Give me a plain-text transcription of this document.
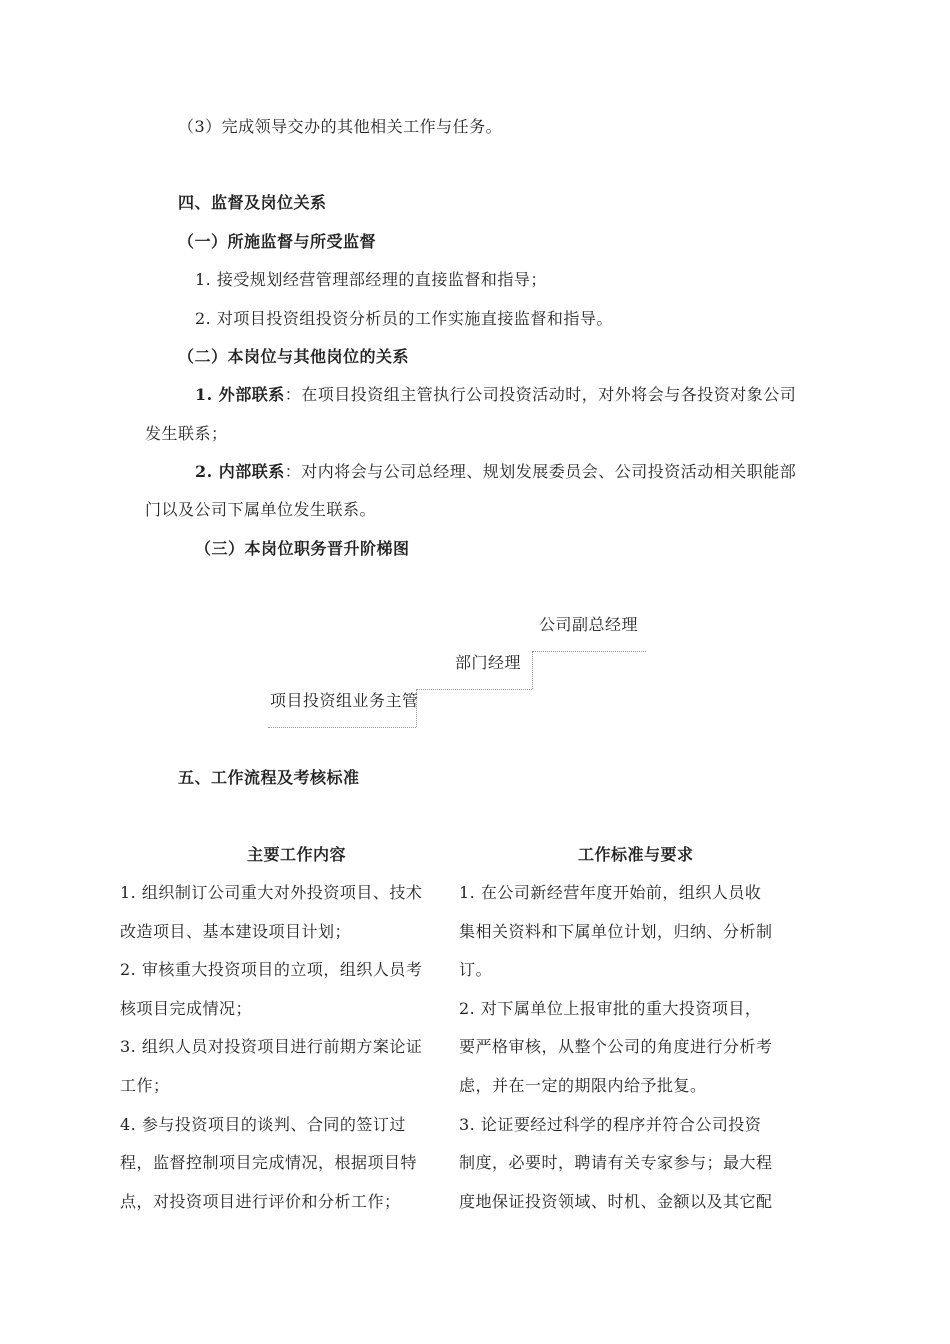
（3）完成领导交办的其他相关工作与任务。
四、监督及岗位关系
（一）所施监督与所受监督
1. 接受规划经营管理部经理的直接监督和指导；
2. 对项目投资组投资分析员的工作实施直接监督和指导。
（二）本岗位与其他岗位的关系
1. 外部联系：在项目投资组主管执行公司投资活动时，对外将会与各投资对象公司
发生联系；
2. 内部联系：对内将会与公司总经理、规划发展委员会、公司投资活动相关职能部
门以及公司下属单位发生联系。
（三）本岗位职务晋升阶梯图
公司副总经理
部门经理
项目投资组业务主管
五、工作流程及考核标准
主要工作内容	工作标准与要求
1. 组织制订公司重大对外投资项目、技术
改造项目、基本建设项目计划；
2. 审核重大投资项目的立项，组织人员考
核项目完成情况；
3. 组织人员对投资项目进行前期方案论证
工作；
4. 参与投资项目的谈判、合同的签订过
程，监督控制项目完成情况，根据项目特
点，对投资项目进行评价和分析工作；
1. 在公司新经营年度开始前，组织人员收
集相关资料和下属单位计划，归纳、分析制
订。
2. 对下属单位上报审批的重大投资项目，
要严格审核，从整个公司的角度进行分析考
虑，并在一定的期限内给予批复。
3. 论证要经过科学的程序并符合公司投资
制度，必要时，聘请有关专家参与；最大程
度地保证投资领域、时机、金额以及其它配
